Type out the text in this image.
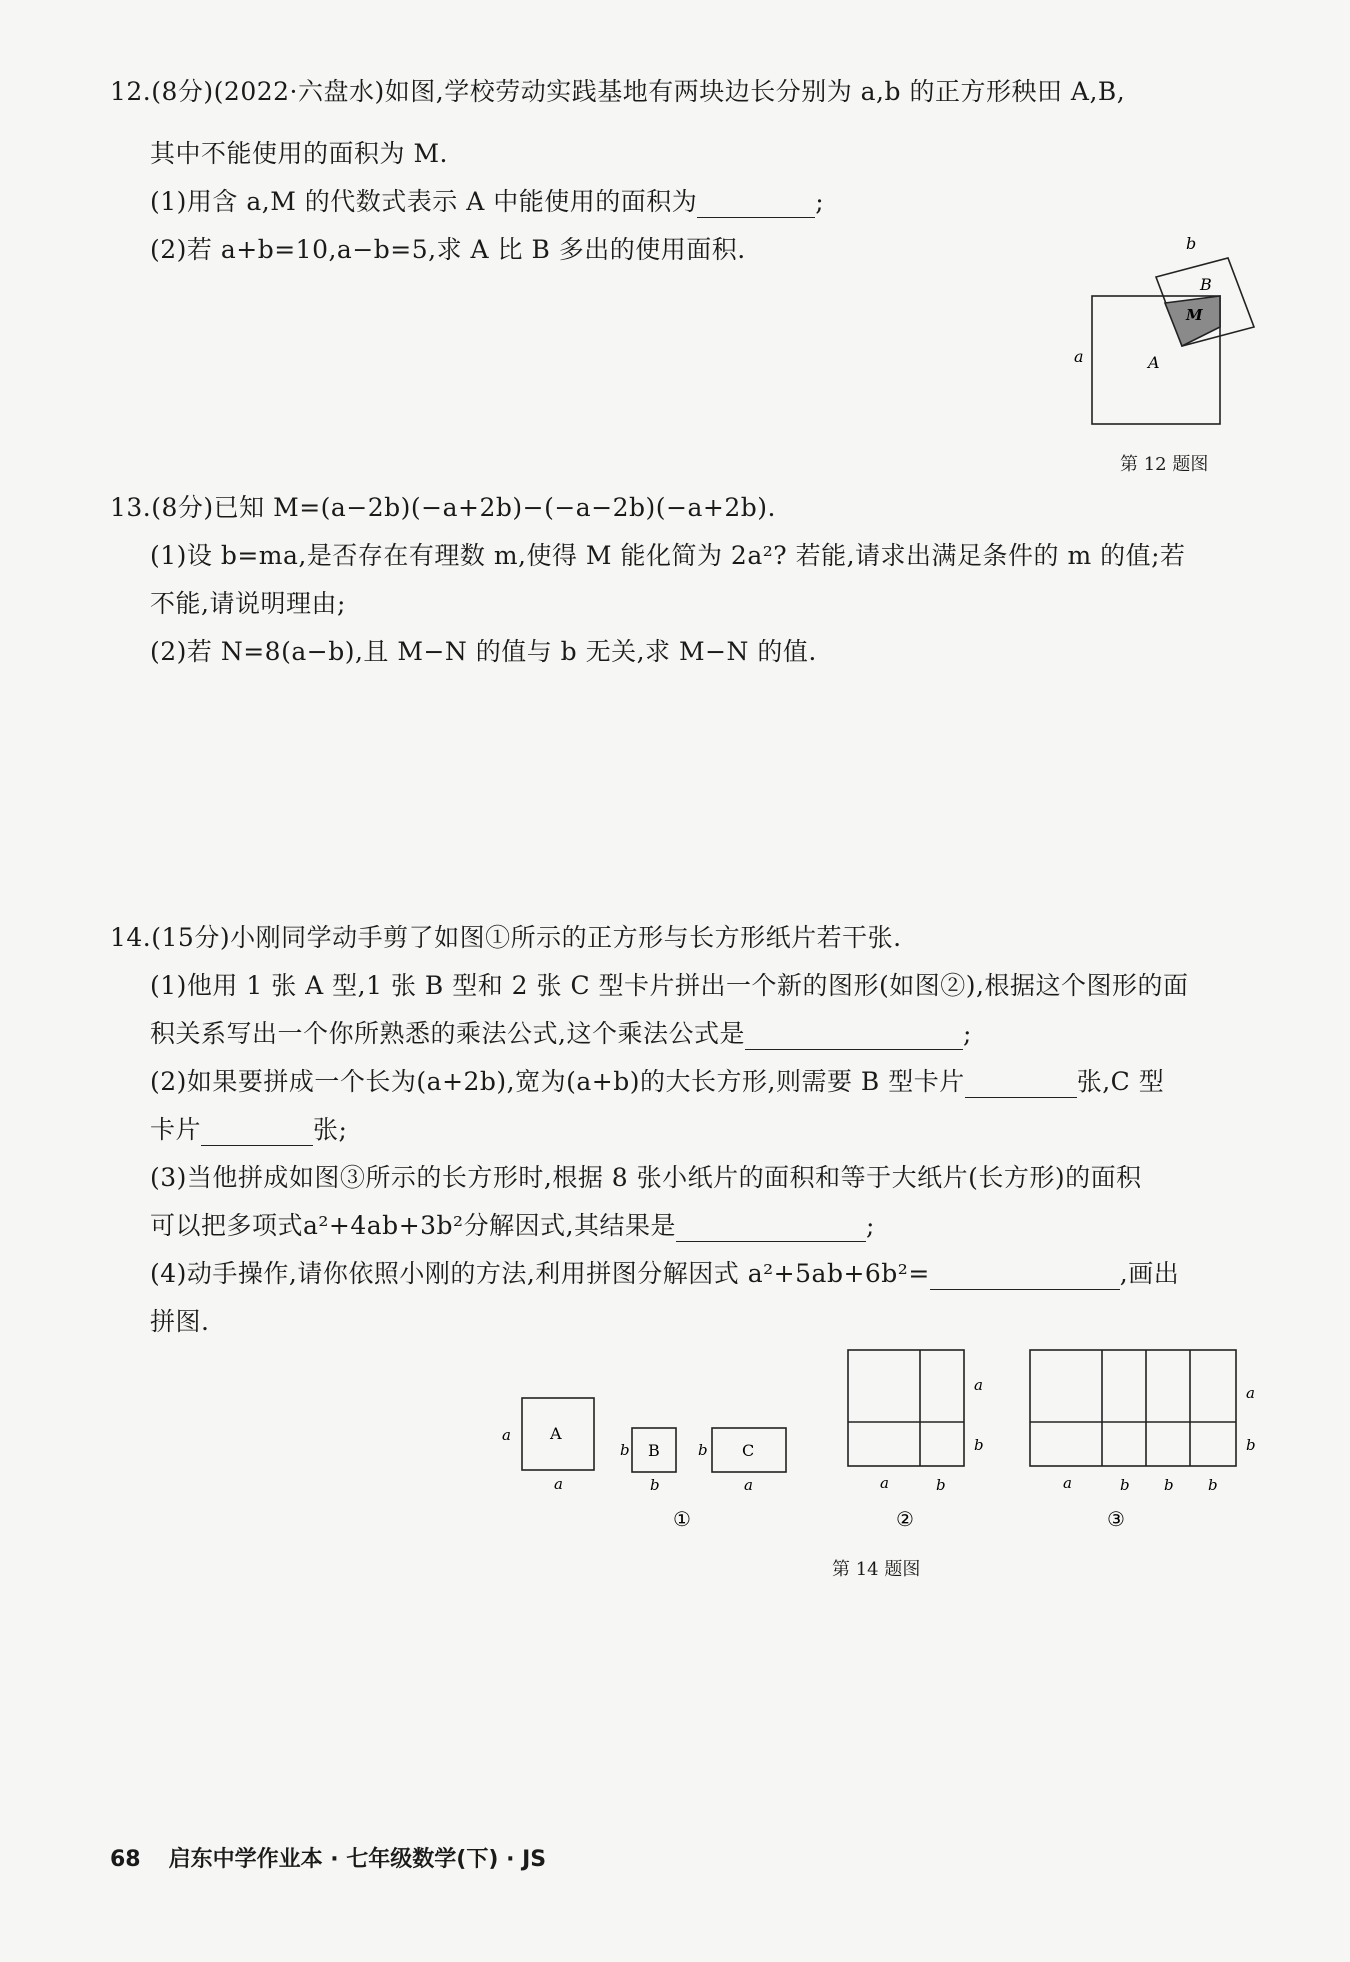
12.(8分)(2022·六盘水)如图,学校劳动实践基地有两块边长分别为 a,b 的正方形秧田 A,B,
其中不能使用的面积为 M.
(1)用含 a,M 的代数式表示 A 中能使用的面积为	;
(2)若 a+b=10,a−b=5,求 A 比 B 多出的使用面积.	b
B
M
a	A
第 12 题图
13.(8分)已知 M=(a−2b)(−a+2b)−(−a−2b)(−a+2b).
(1)设 b=ma,是否存在有理数 m,使得 M 能化简为 2a²? 若能,请求出满足条件的 m 的值;若
不能,请说明理由;
(2)若 N=8(a−b),且 M−N 的值与 b 无关,求 M−N 的值.
14.(15分)小刚同学动手剪了如图①所示的正方形与长方形纸片若干张.
(1)他用 1 张 A 型,1 张 B 型和 2 张 C 型卡片拼出一个新的图形(如图②),根据这个图形的面
积关系写出一个你所熟悉的乘法公式,这个乘法公式是	;
(2)如果要拼成一个长为(a+2b),宽为(a+b)的大长方形,则需要 B 型卡片	张,C 型
卡片	张;
(3)当他拼成如图③所示的长方形时,根据 8 张小纸片的面积和等于大纸片(长方形)的面积
可以把多项式a²+4ab+3b²分解因式,其结果是	;
(4)动手操作,请你依照小刚的方法,利用拼图分解因式 a²+5ab+6b²=	,画出
拼图.
A
a
a
B
b
b
C
b
a
①
a
b
a	b
②
a
b
a	b b b
③
第 14 题图
68 启东中学作业本 · 七年级数学(下) · JS
